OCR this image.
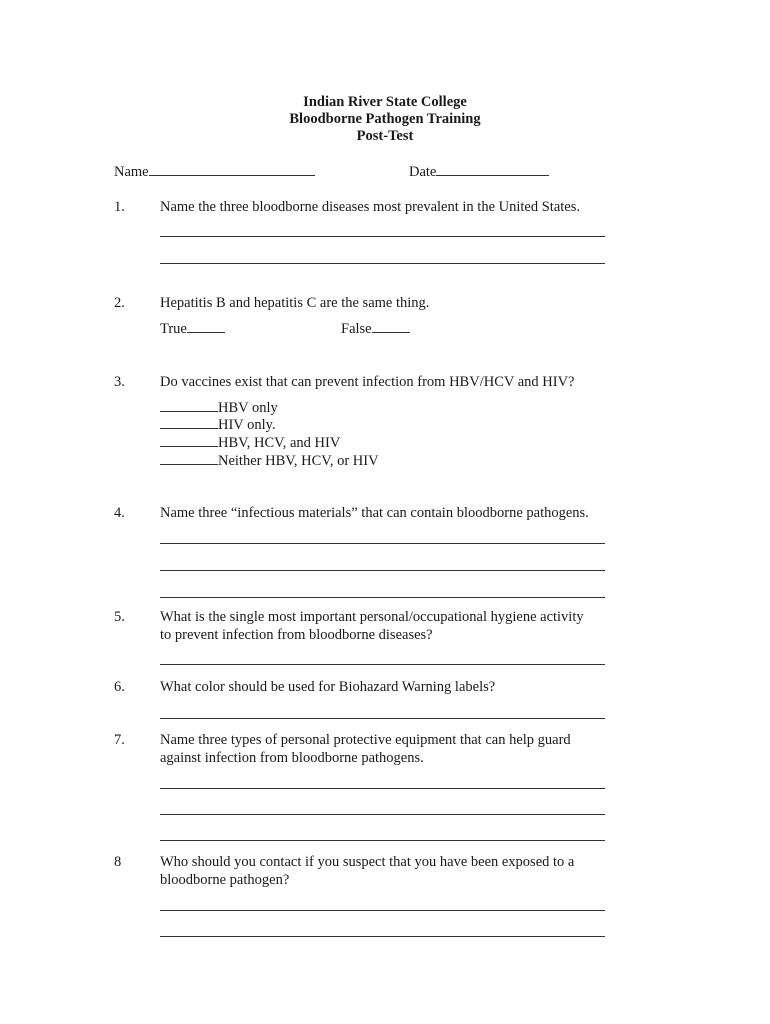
Indian River State College
Bloodborne Pathogen Training
Post-Test
Name	Date
1. Name the three bloodborne diseases most prevalent in the United States.
2. Hepatitis B and hepatitis C are the same thing.
True	False
3. Do vaccines exist that can prevent infection from HBV/HCV and HIV?
HBV only
HIV only.
HBV, HCV, and HIV
Neither HBV, HCV, or HIV
4. Name three “infectious materials” that can contain bloodborne pathogens.
5. What is the single most important personal/occupational hygiene activity
to prevent infection from bloodborne diseases?
6. What color should be used for Biohazard Warning labels?
7. Name three types of personal protective equipment that can help guard
against infection from bloodborne pathogens.
8	Who should you contact if you suspect that you have been exposed to a
bloodborne pathogen?
